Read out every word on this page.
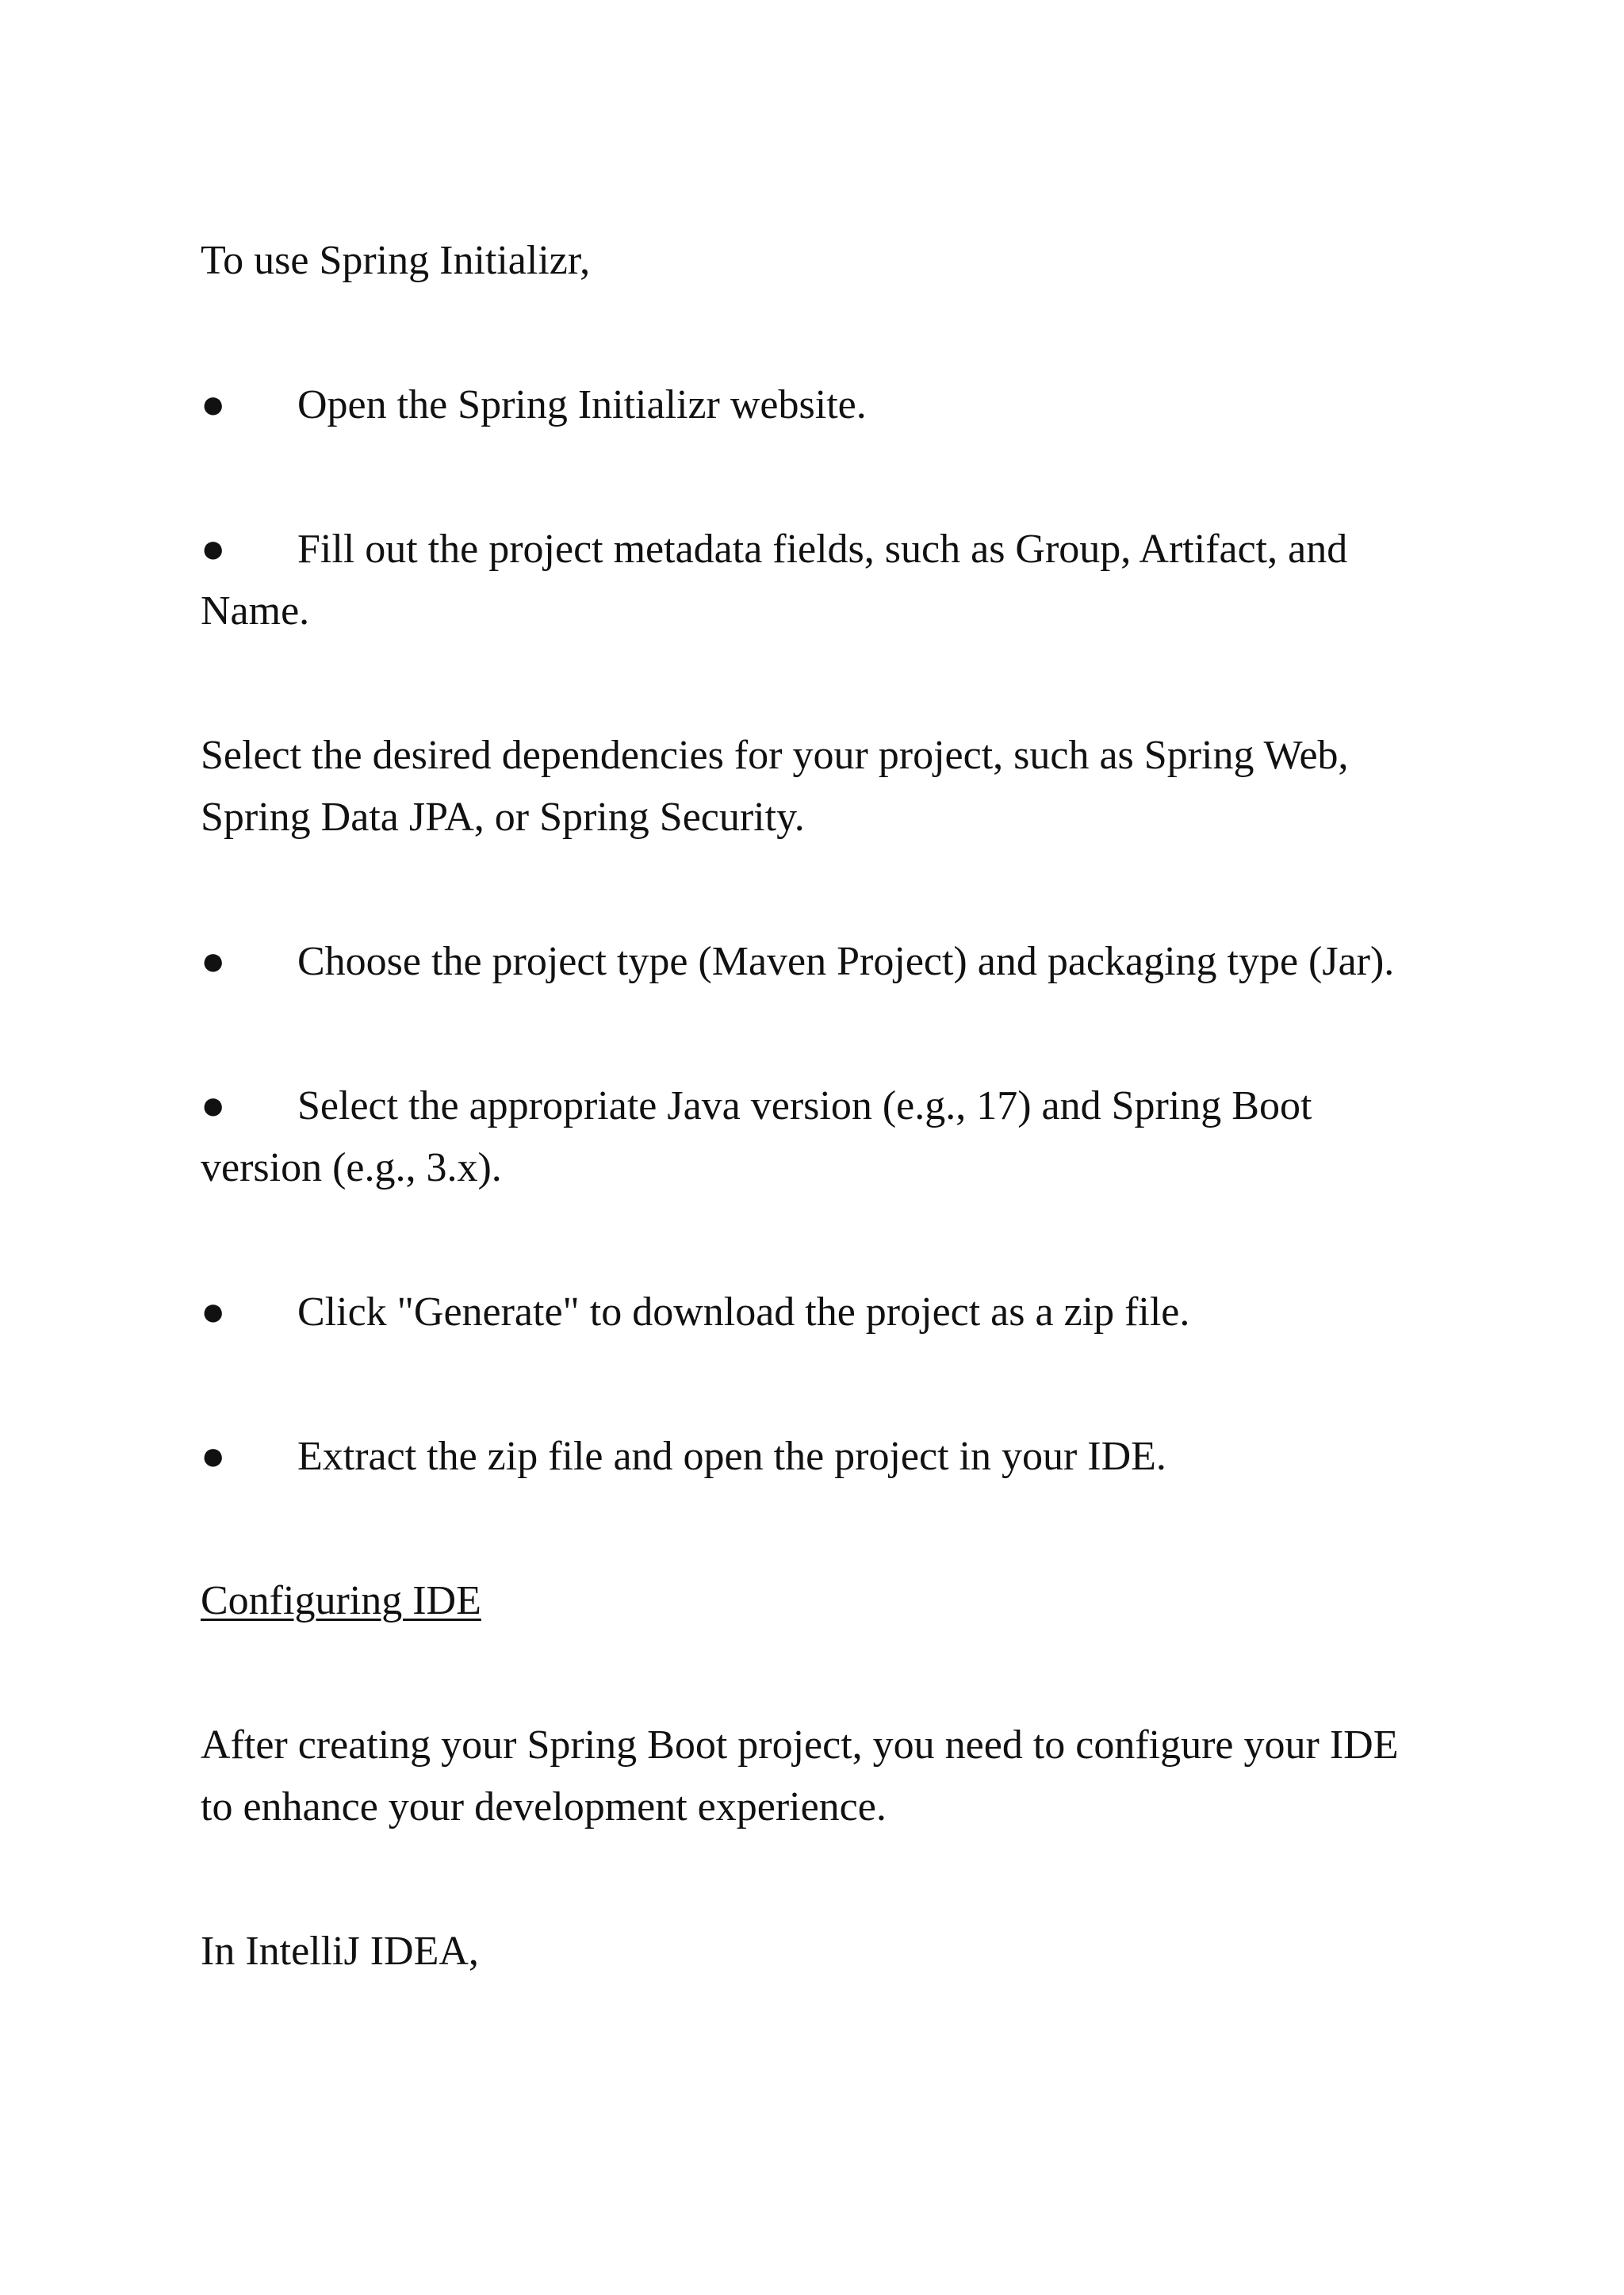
To use Spring Initializr,
● Open the Spring Initializr website.
● Fill out the project metadata fields, such as Group, Artifact, and
Name.
Select the desired dependencies for your project, such as Spring Web,
Spring Data JPA, or Spring Security.
● Choose the project type (Maven Project) and packaging type (Jar).
● Select the appropriate Java version (e.g., 17) and Spring Boot
version (e.g., 3.x).
● Click "Generate" to download the project as a zip file.
● Extract the zip file and open the project in your IDE.
Configuring IDE
After creating your Spring Boot project, you need to configure your IDE
to enhance your development experience.
In IntelliJ IDEA,
